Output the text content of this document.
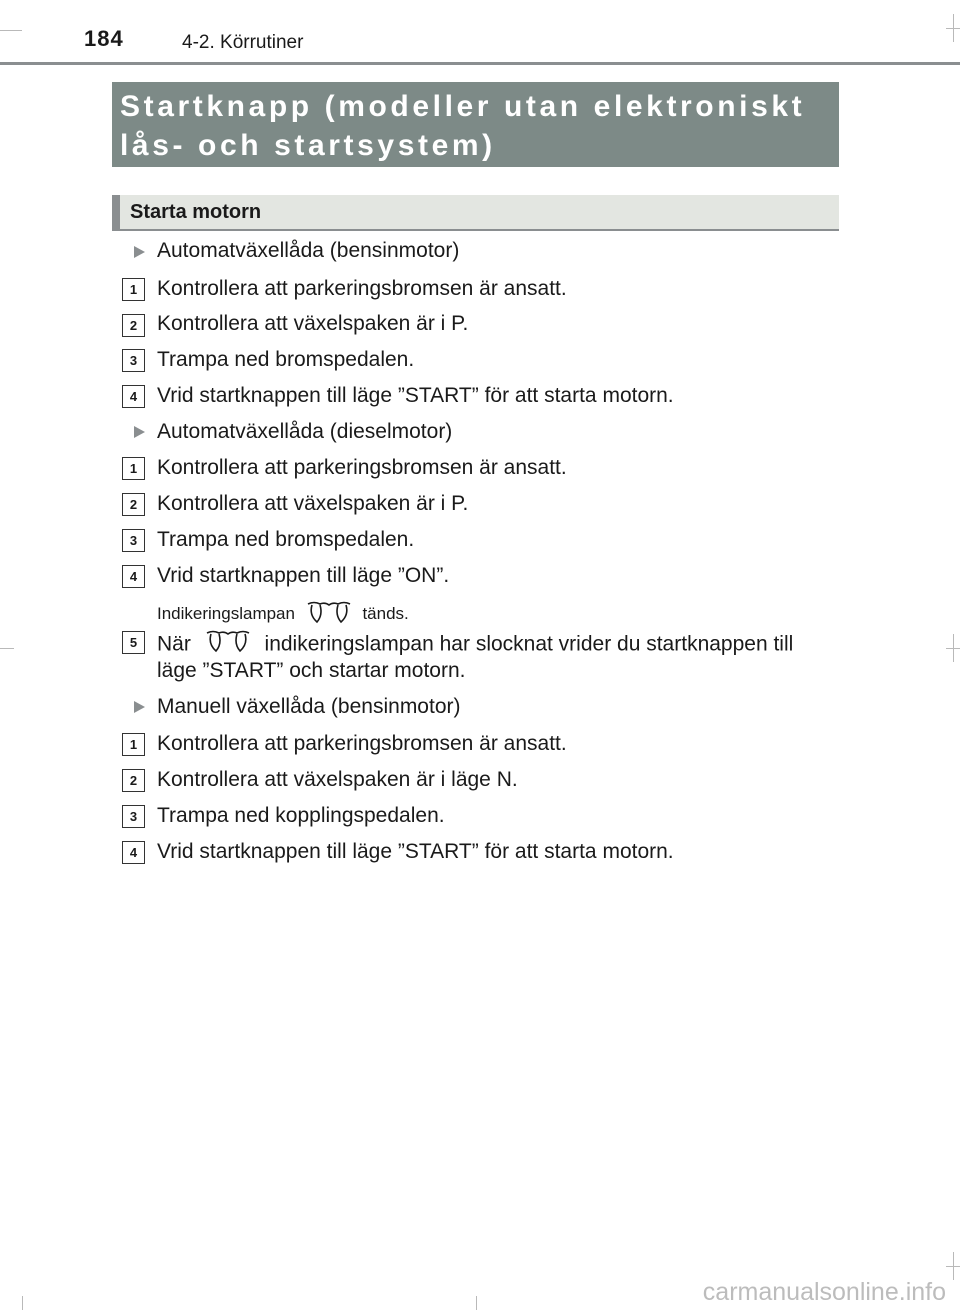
184	4-2. Körrutiner
Startknapp (modeller utan elektroniskt
lås- och startsystem)
Starta motorn
Automatväxellåda (bensinmotor)
1 Kontrollera att parkeringsbromsen är ansatt.
2 Kontrollera att växelspaken är i P.
3 Trampa ned bromspedalen.
4 Vrid startknappen till läge ”START” för att starta motorn.
Automatväxellåda (dieselmotor)
1 Kontrollera att parkeringsbromsen är ansatt.
2 Kontrollera att växelspaken är i P.
3 Trampa ned bromspedalen.
4 Vrid startknappen till läge ”ON”.
Indikeringslampan	tänds.
5 När	indikeringslampan har slocknat vrider du startknappen till
läge ”START” och startar motorn.
Manuell växellåda (bensinmotor)
1 Kontrollera att parkeringsbromsen är ansatt.
2 Kontrollera att växelspaken är i läge N.
3 Trampa ned kopplingspedalen.
4 Vrid startknappen till läge ”START” för att starta motorn.
carmanualsonline.info
